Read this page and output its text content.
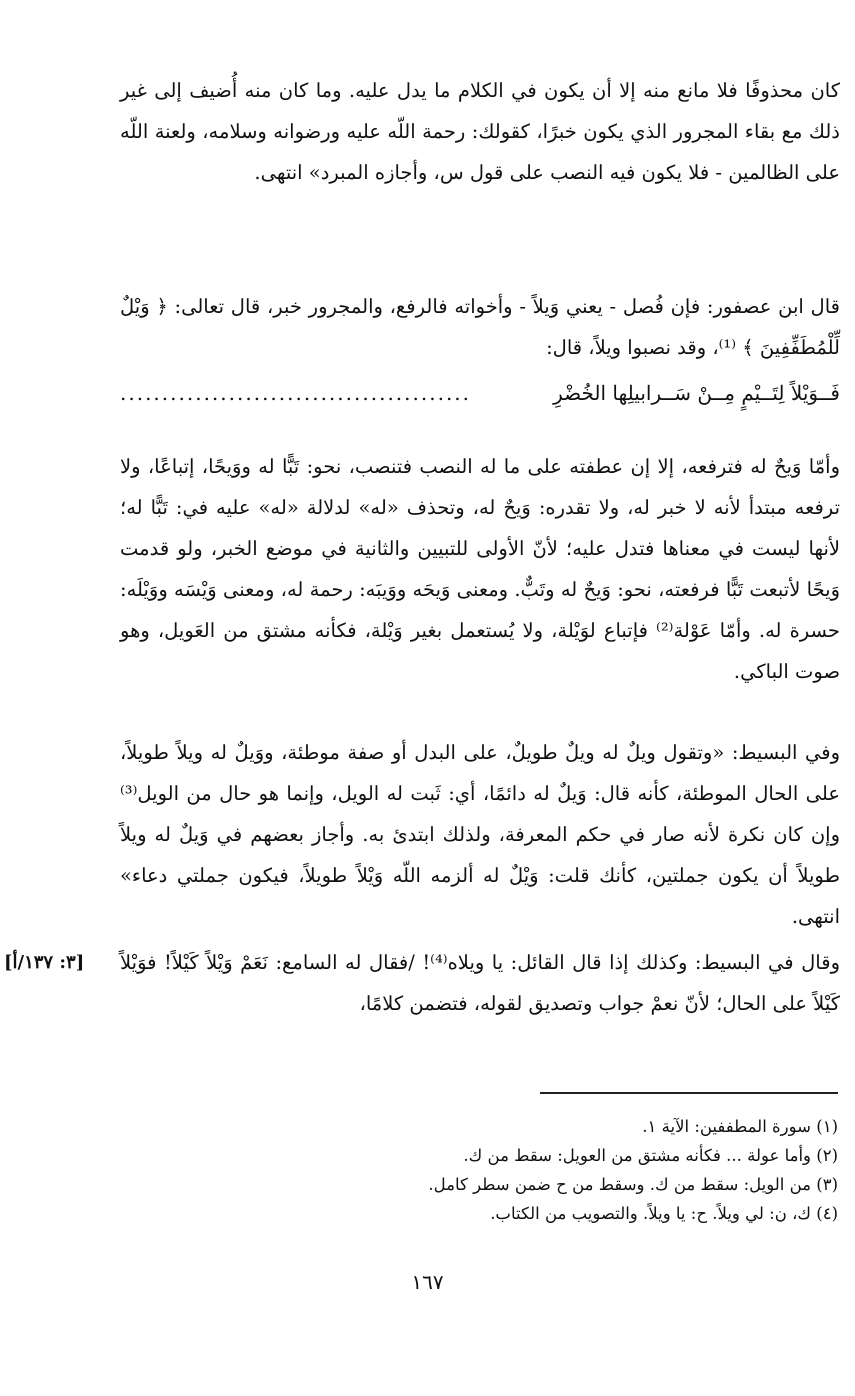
كان محذوفًا فلا مانع منه إلا أن يكون في الكلام ما يدل عليه. وما كان منه أُضيف إلى غير ذلك مع بقاء المجرور الذي يكون خبرًا، كقولك: رحمة اللّه عليه ورضوانه وسلامه، ولعنة اللّه على الظالمين - فلا يكون فيه النصب على قول س، وأجازه المبرد» انتهى.

قال ابن عصفور: فإن فُصل - يعني وَيلاً - وأخواته فالرفع، والمجرور خبر، قال تعالى: ﴿ وَيْلٌ لِّلْمُطَفِّفِينَ ﴾ ⁽¹⁾، وقد نصبوا ويلاً، قال:

فَــوَيْلاً لِتَــيْمٍ مِــنْ سَــرابيلِها الخُضْرِ
..........................................

وأمّا وَيحٌ له فترفعه، إلا إن عطفته على ما له النصب فتنصب، نحو: تَبًّا له ووَيحًا، إتباعًا، ولا ترفعه مبتدأ لأنه لا خبر له، ولا تقدره: وَيحٌ له، وتحذف «له» لدلالة «له» عليه في: تَبًّا له؛ لأنها ليست في معناها فتدل عليه؛ لأنّ الأولى للتبيين والثانية في موضع الخبر، ولو قدمت وَيحًا لأتبعت تَبًّا فرفعته، نحو: وَيحٌ له وتَبٌّ. ومعنى وَيحَه ووَيبَه: رحمة له، ومعنى وَيْسَه ووَيْلَه: حسرة له. وأمّا عَوْلة⁽²⁾ فإتباع لوَيْلة، ولا يُستعمل بغير وَيْلة، فكأنه مشتق من العَويل، وهو صوت الباكي.

وفي البسيط: «وتقول ويلٌ له ويلٌ طويلٌ، على البدل أو صفة موطئة، ووَيلٌ له ويلاً طويلاً، على الحال الموطئة، كأنه قال: وَيلٌ له دائمًا، أي: ثَبت له الويل، وإنما هو حال من الويل⁽³⁾ وإن كان نكرة لأنه صار في حكم المعرفة، ولذلك ابتدئ به. وأجاز بعضهم في وَيلٌ له ويلاً طويلاً أن يكون جملتين، كأنك قلت: وَيْلٌ له ألزمه اللّه وَيْلاً طويلاً، فيكون جملتي دعاء» انتهى.

وقال في البسيط: وكذلك إذا قال القائل: يا ويلاه⁽⁴⁾! /فقال له السامع: نَعَمْ وَيْلاً كَيْلاً! فوَيْلاً كَيْلاً على الحال؛ لأنّ نعمْ جواب وتصديق لقوله، فتضمن كلامًا،

[٣: ١٣٧/أ]
(١) سورة المطففين: الآية ١.
(٢) وأما عولة ... فكأنه مشتق من العويل: سقط من ك.
(٣) من الويل: سقط من ك. وسقط من ح ضمن سطر كامل.
(٤) ك، ن: لي ويلاً. ح: يا ويلاً. والتصويب من الكتاب.
١٦٧
